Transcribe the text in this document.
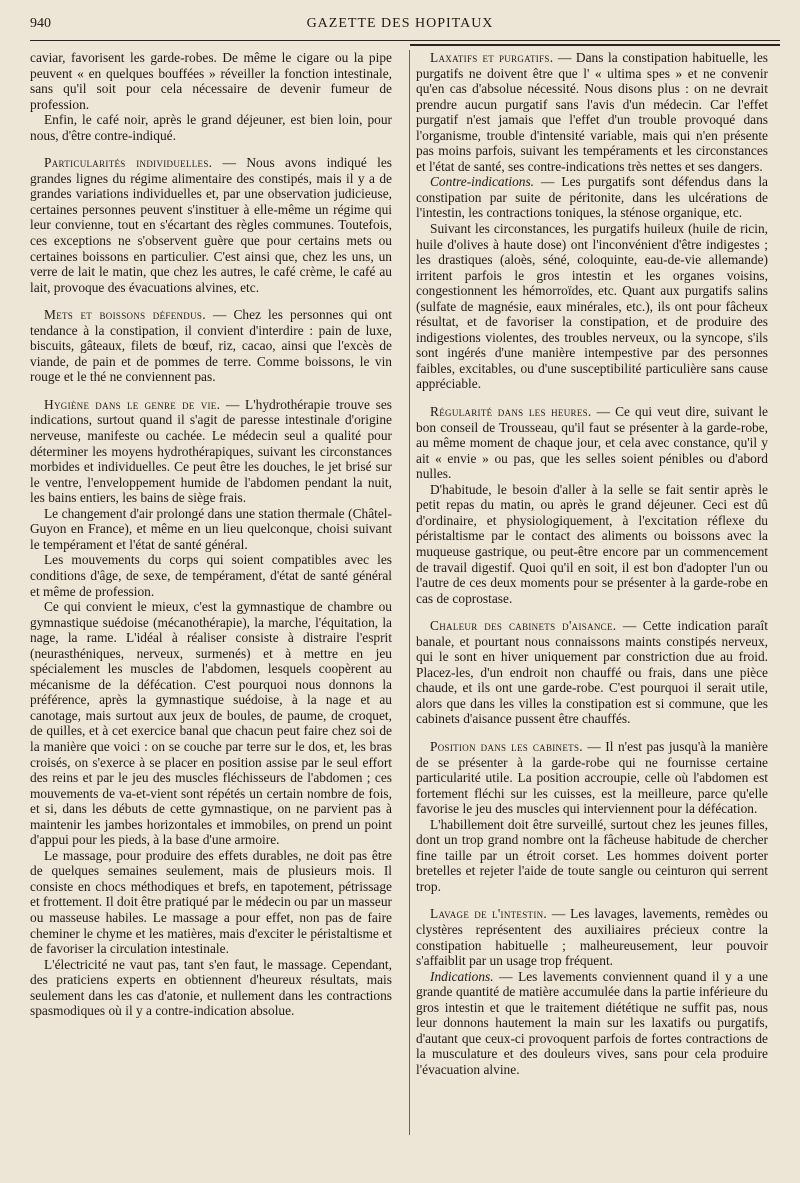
940	GAZETTE DES HOPITAUX

caviar, favorisent les garde-robes. De même le cigare ou la pipe peuvent « en quelques bouffées » réveiller la fonction intestinale, sans qu'il soit pour cela nécessaire de devenir fumeur de profession.

Enfin, le café noir, après le grand déjeuner, est bien loin, pour nous, d'être contre-indiqué.

Particularités individuelles. — Nous avons indiqué les grandes lignes du régime alimentaire des constipés, mais il y a de grandes variations individuelles et, par une observation judicieuse, certaines personnes peuvent s'instituer à elle-même un régime qui leur convienne, tout en s'écartant des règles communes. Toutefois, ces exceptions ne s'observent guère que pour certains mets ou certaines boissons en particulier. C'est ainsi que, chez les uns, un verre de lait le matin, que chez les autres, le café crème, le café au lait, provoque des évacuations alvines, etc.

Mets et boissons défendus. — Chez les personnes qui ont tendance à la constipation, il convient d'interdire : pain de luxe, biscuits, gâteaux, filets de bœuf, riz, cacao, ainsi que l'excès de viande, de pain et de pommes de terre. Comme boissons, le vin rouge et le thé ne conviennent pas.

Hygiène dans le genre de vie. — L'hydrothérapie trouve ses indications, surtout quand il s'agit de paresse intestinale d'origine nerveuse, manifeste ou cachée. Le médecin seul a qualité pour déterminer les moyens hydrothérapiques, suivant les circonstances morbides et individuelles. Ce peut être les douches, le jet brisé sur le ventre, l'enveloppement humide de l'abdomen pendant la nuit, les bains entiers, les bains de siège frais.

Le changement d'air prolongé dans une station thermale (Châtel-Guyon en France), et même en un lieu quelconque, choisi suivant le tempérament et l'état de santé général.

Les mouvements du corps qui soient compatibles avec les conditions d'âge, de sexe, de tempérament, d'état de santé général et même de profession.

Ce qui convient le mieux, c'est la gymnastique de chambre ou gymnastique suédoise (mécanothérapie), la marche, l'équitation, la nage, la rame. L'idéal à réaliser consiste à distraire l'esprit (neurasthéniques, nerveux, surmenés) et à mettre en jeu spécialement les muscles de l'abdomen, lesquels coopèrent au mécanisme de la défécation. C'est pourquoi nous donnons la préférence, après la gymnastique suédoise, à la nage et au canotage, mais surtout aux jeux de boules, de paume, de croquet, de quilles, et à cet exercice banal que chacun peut faire chez soi de la manière que voici : on se couche par terre sur le dos, et, les bras croisés, on s'exerce à se placer en position assise par le seul effort des reins et par le jeu des muscles fléchisseurs de l'abdomen ; ces mouvements de va-et-vient sont répétés un certain nombre de fois, et si, dans les débuts de cette gymnastique, on ne parvient pas à maintenir les jambes horizontales et immobiles, on prend un point d'appui pour les pieds, à la base d'une armoire.

Le massage, pour produire des effets durables, ne doit pas être de quelques semaines seulement, mais de plusieurs mois. Il consiste en chocs méthodiques et brefs, en tapotement, pétrissage et frottement. Il doit être pratiqué par le médecin ou par un masseur ou masseuse habiles. Le massage a pour effet, non pas de faire cheminer le chyme et les matières, mais d'exciter le péristaltisme et de favoriser la circulation intestinale.

L'électricité ne vaut pas, tant s'en faut, le massage. Cependant, des praticiens experts en obtiennent d'heureux résultats, mais seulement dans les cas d'atonie, et nullement dans les contractions spasmodiques où il y a contre-indication absolue.

Laxatifs et purgatifs. — Dans la constipation habituelle, les purgatifs ne doivent être que l' « ultima spes » et ne convenir qu'en cas d'absolue nécessité. Nous disons plus : on ne devrait prendre aucun purgatif sans l'avis d'un médecin. Car l'effet purgatif n'est jamais que l'effet d'un trouble provoqué dans l'organisme, trouble d'intensité variable, mais qui n'en présente pas moins parfois, suivant les tempéraments et les circonstances et l'état de santé, ses contre-indications très nettes et ses dangers.

Contre-indications. — Les purgatifs sont défendus dans la constipation par suite de péritonite, dans les ulcérations de l'intestin, les contractions toniques, la sténose organique, etc.

Suivant les circonstances, les purgatifs huileux (huile de ricin, huile d'olives à haute dose) ont l'inconvénient d'être indigestes ; les drastiques (aloès, séné, coloquinte, eau-de-vie allemande) irritent parfois le gros intestin et les organes voisins, congestionnent les hémorroïdes, etc. Quant aux purgatifs salins (sulfate de magnésie, eaux minérales, etc.), ils ont pour fâcheux résultat, et de favoriser la constipation, et de produire des indigestions violentes, des troubles nerveux, ou la syncope, s'ils sont ingérés d'une manière intempestive par des personnes faibles, excitables, ou d'une susceptibilité particulière sans cause appréciable.

Régularité dans les heures. — Ce qui veut dire, suivant le bon conseil de Trousseau, qu'il faut se présenter à la garde-robe, au même moment de chaque jour, et cela avec constance, qu'il y ait « envie » ou pas, que les selles soient pénibles ou d'abord nulles.

D'habitude, le besoin d'aller à la selle se fait sentir après le petit repas du matin, ou après le grand déjeuner. Ceci est dû d'ordinaire, et physiologiquement, à l'excitation réflexe du péristaltisme par le contact des aliments ou boissons avec la muqueuse gastrique, ou peut-être encore par un commencement de travail digestif. Quoi qu'il en soit, il est bon d'adopter l'un ou l'autre de ces deux moments pour se présenter à la garde-robe en cas de coprostase.

Chaleur des cabinets d'aisance. — Cette indication paraît banale, et pourtant nous connaissons maints constipés nerveux, qui le sont en hiver uniquement par constriction due au froid. Placez-les, d'un endroit non chauffé ou frais, dans une pièce chaude, et ils ont une garde-robe. C'est pourquoi il serait utile, alors que dans les villes la constipation est si commune, que les cabinets d'aisance pussent être chauffés.

Position dans les cabinets. — Il n'est pas jusqu'à la manière de se présenter à la garde-robe qui ne fournisse certaine particularité utile. La position accroupie, celle où l'abdomen est fortement fléchi sur les cuisses, est la meilleure, parce qu'elle favorise le jeu des muscles qui interviennent pour la défécation.

L'habillement doit être surveillé, surtout chez les jeunes filles, dont un trop grand nombre ont la fâcheuse habitude de chercher fine taille par un étroit corset. Les hommes doivent porter bretelles et rejeter l'aide de toute sangle ou ceinturon qui serrent trop.

Lavage de l'intestin. — Les lavages, lavements, remèdes ou clystères représentent des auxiliaires précieux contre la constipation habituelle ; malheureusement, leur pouvoir s'affaiblit par un usage trop fréquent.

Indications. — Les lavements conviennent quand il y a une grande quantité de matière accumulée dans la partie inférieure du gros intestin et que le traitement diététique ne suffit pas, nous leur donnons hautement la main sur les laxatifs ou purgatifs, d'autant que ceux-ci provoquent parfois de fortes contractions de la musculature et des douleurs vives, sans pour cela produire l'évacuation alvine.
